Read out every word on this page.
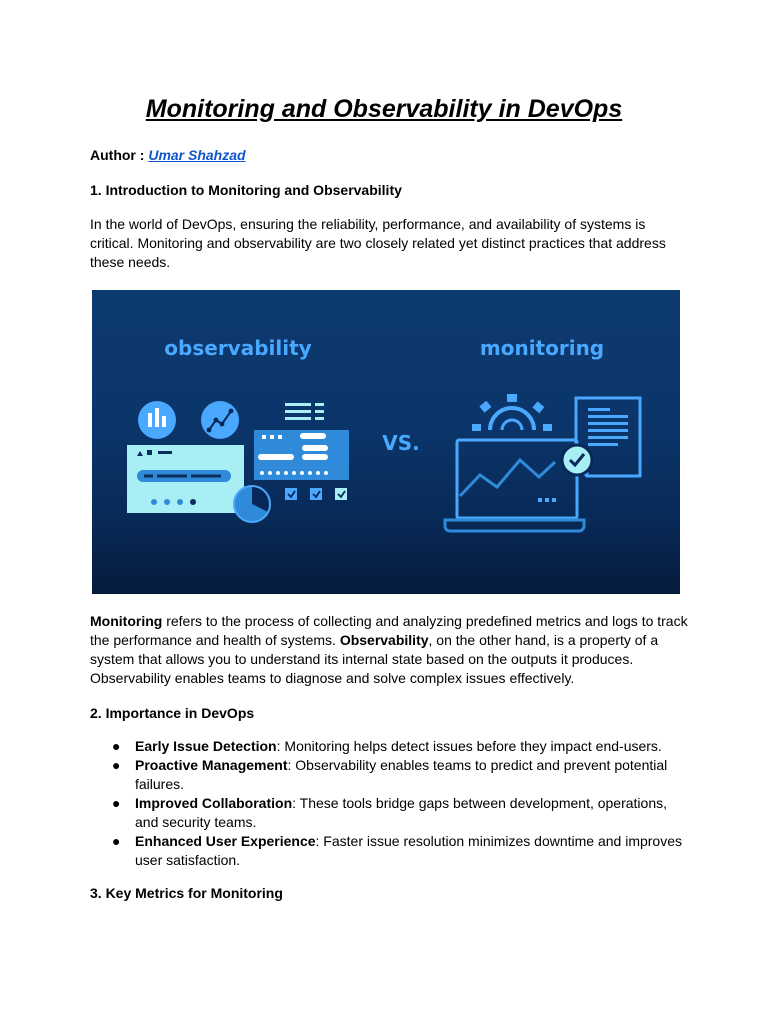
Monitoring and Observability in DevOps
Author : Umar Shahzad
1. Introduction to Monitoring and Observability

In the world of DevOps, ensuring the reliability, performance, and availability of systems is critical. Monitoring and observability are two closely related yet distinct practices that address these needs.

observability
VS.
monitoring

Monitoring refers to the process of collecting and analyzing predefined metrics and logs to track the performance and health of systems. Observability, on the other hand, is a property of a system that allows you to understand its internal state based on the outputs it produces. Observability enables teams to diagnose and solve complex issues effectively.

2. Importance in DevOps
● Early Issue Detection: Monitoring helps detect issues before they impact end-users.
● Proactive Management: Observability enables teams to predict and prevent potential failures.
● Improved Collaboration: These tools bridge gaps between development, operations, and security teams.
● Enhanced User Experience: Faster issue resolution minimizes downtime and improves user satisfaction.
3. Key Metrics for Monitoring
